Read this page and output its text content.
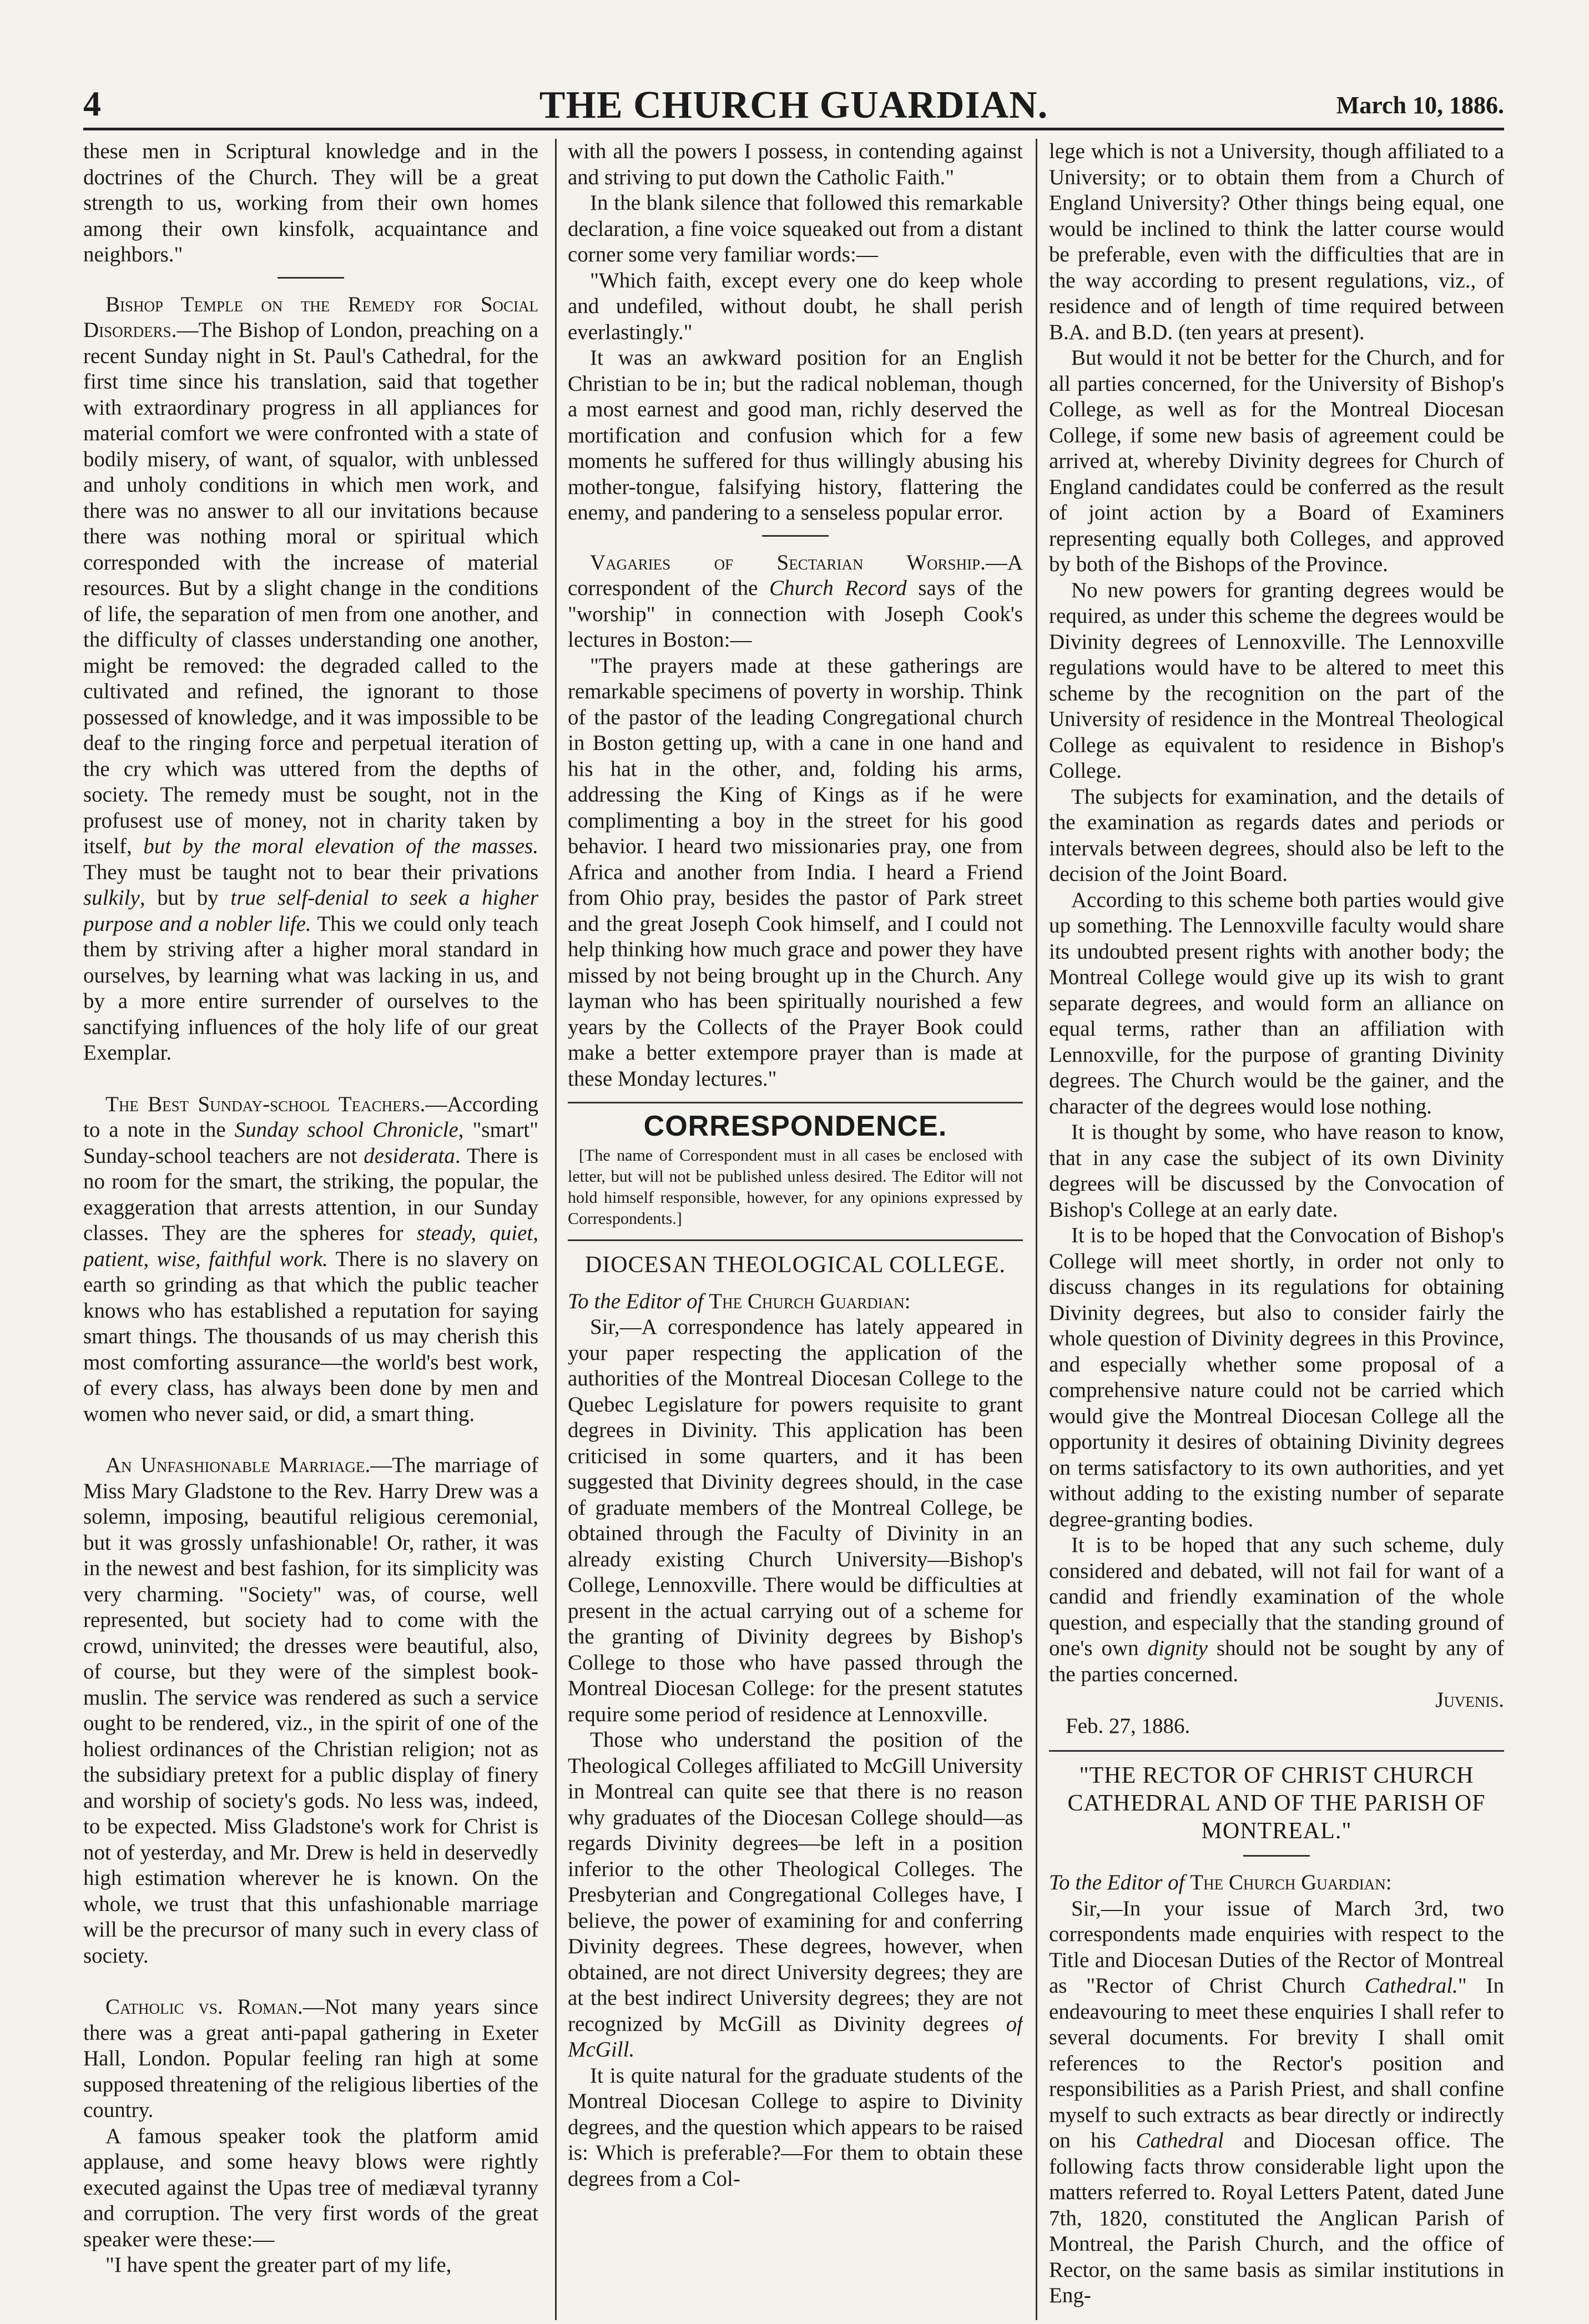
4	THE CHURCH GUARDIAN.	March 10, 1886.

these men in Scriptural knowledge and in the doctrines of the Church. They will be a great strength to us, working from their own homes among their own kinsfolk, acquaintance and neighbors."

Bishop Temple on the Remedy for Social Disorders.—The Bishop of London, preaching on a recent Sunday night in St. Paul's Cathedral, for the first time since his translation, said that together with extraordinary progress in all appliances for material comfort we were confronted with a state of bodily misery, of want, of squalor, with unblessed and unholy conditions in which men work, and there was no answer to all our invitations because there was nothing moral or spiritual which corresponded with the increase of material resources. But by a slight change in the conditions of life, the separation of men from one another, and the difficulty of classes understanding one another, might be removed: the degraded called to the cultivated and refined, the ignorant to those possessed of knowledge, and it was impossible to be deaf to the ringing force and perpetual iteration of the cry which was uttered from the depths of society. The remedy must be sought, not in the profusest use of money, not in charity taken by itself, but by the moral elevation of the masses. They must be taught not to bear their privations sulkily, but by true self-denial to seek a higher purpose and a nobler life. This we could only teach them by striving after a higher moral standard in ourselves, by learning what was lacking in us, and by a more entire surrender of ourselves to the sanctifying influences of the holy life of our great Exemplar.

The Best Sunday-school Teachers.—According to a note in the Sunday school Chronicle, "smart" Sunday-school teachers are not desiderata. There is no room for the smart, the striking, the popular, the exaggeration that arrests attention, in our Sunday classes. They are the spheres for steady, quiet, patient, wise, faithful work. There is no slavery on earth so grinding as that which the public teacher knows who has established a reputation for saying smart things. The thousands of us may cherish this most comforting assurance—the world's best work, of every class, has always been done by men and women who never said, or did, a smart thing.

An Unfashionable Marriage.—The marriage of Miss Mary Gladstone to the Rev. Harry Drew was a solemn, imposing, beautiful religious ceremonial, but it was grossly unfashionable! Or, rather, it was in the newest and best fashion, for its simplicity was very charming. "Society" was, of course, well represented, but society had to come with the crowd, uninvited; the dresses were beautiful, also, of course, but they were of the simplest book-muslin. The service was rendered as such a service ought to be rendered, viz., in the spirit of one of the holiest ordinances of the Christian religion; not as the subsidiary pretext for a public display of finery and worship of society's gods. No less was, indeed, to be expected. Miss Gladstone's work for Christ is not of yesterday, and Mr. Drew is held in deservedly high estimation wherever he is known. On the whole, we trust that this unfashionable marriage will be the precursor of many such in every class of society.

Catholic vs. Roman.—Not many years since there was a great anti-papal gathering in Exeter Hall, London. Popular feeling ran high at some supposed threatening of the religious liberties of the country.

A famous speaker took the platform amid applause, and some heavy blows were rightly executed against the Upas tree of mediæval tyranny and corruption. The very first words of the great speaker were these:—

"I have spent the greater part of my life,

with all the powers I possess, in contending against and striving to put down the Catholic Faith."

In the blank silence that followed this remarkable declaration, a fine voice squeaked out from a distant corner some very familiar words:—

"Which faith, except every one do keep whole and undefiled, without doubt, he shall perish everlastingly."

It was an awkward position for an English Christian to be in; but the radical nobleman, though a most earnest and good man, richly deserved the mortification and confusion which for a few moments he suffered for thus willingly abusing his mother-tongue, falsifying history, flattering the enemy, and pandering to a senseless popular error.

Vagaries of Sectarian Worship.—A correspondent of the Church Record says of the "worship" in connection with Joseph Cook's lectures in Boston:—

"The prayers made at these gatherings are remarkable specimens of poverty in worship. Think of the pastor of the leading Congregational church in Boston getting up, with a cane in one hand and his hat in the other, and, folding his arms, addressing the King of Kings as if he were complimenting a boy in the street for his good behavior. I heard two missionaries pray, one from Africa and another from India. I heard a Friend from Ohio pray, besides the pastor of Park street and the great Joseph Cook himself, and I could not help thinking how much grace and power they have missed by not being brought up in the Church. Any layman who has been spiritually nourished a few years by the Collects of the Prayer Book could make a better extempore prayer than is made at these Monday lectures."
CORRESPONDENCE.

[The name of Correspondent must in all cases be enclosed with letter, but will not be published unless desired. The Editor will not hold himself responsible, however, for any opinions expressed by Correspondents.]

DIOCESAN THEOLOGICAL COLLEGE.

To the Editor of The Church Guardian:

Sir,—A correspondence has lately appeared in your paper respecting the application of the authorities of the Montreal Diocesan College to the Quebec Legislature for powers requisite to grant degrees in Divinity. This application has been criticised in some quarters, and it has been suggested that Divinity degrees should, in the case of graduate members of the Montreal College, be obtained through the Faculty of Divinity in an already existing Church University—Bishop's College, Lennoxville. There would be difficulties at present in the actual carrying out of a scheme for the granting of Divinity degrees by Bishop's College to those who have passed through the Montreal Diocesan College: for the present statutes require some period of residence at Lennoxville.

Those who understand the position of the Theological Colleges affiliated to McGill University in Montreal can quite see that there is no reason why graduates of the Diocesan College should—as regards Divinity degrees—be left in a position inferior to the other Theological Colleges. The Presbyterian and Congregational Colleges have, I believe, the power of examining for and conferring Divinity degrees. These degrees, however, when obtained, are not direct University degrees; they are at the best indirect University degrees; they are not recognized by McGill as Divinity degrees of McGill.

It is quite natural for the graduate students of the Montreal Diocesan College to aspire to Divinity degrees, and the question which appears to be raised is: Which is preferable?—For them to obtain these degrees from a Col-

lege which is not a University, though affiliated to a University; or to obtain them from a Church of England University? Other things being equal, one would be inclined to think the latter course would be preferable, even with the difficulties that are in the way according to present regulations, viz., of residence and of length of time required between B.A. and B.D. (ten years at present).

But would it not be better for the Church, and for all parties concerned, for the University of Bishop's College, as well as for the Montreal Diocesan College, if some new basis of agreement could be arrived at, whereby Divinity degrees for Church of England candidates could be conferred as the result of joint action by a Board of Examiners representing equally both Colleges, and approved by both of the Bishops of the Province.

No new powers for granting degrees would be required, as under this scheme the degrees would be Divinity degrees of Lennoxville. The Lennoxville regulations would have to be altered to meet this scheme by the recognition on the part of the University of residence in the Montreal Theological College as equivalent to residence in Bishop's College.

The subjects for examination, and the details of the examination as regards dates and periods or intervals between degrees, should also be left to the decision of the Joint Board.

According to this scheme both parties would give up something. The Lennoxville faculty would share its undoubted present rights with another body; the Montreal College would give up its wish to grant separate degrees, and would form an alliance on equal terms, rather than an affiliation with Lennoxville, for the purpose of granting Divinity degrees. The Church would be the gainer, and the character of the degrees would lose nothing.

It is thought by some, who have reason to know, that in any case the subject of its own Divinity degrees will be discussed by the Convocation of Bishop's College at an early date.

It is to be hoped that the Convocation of Bishop's College will meet shortly, in order not only to discuss changes in its regulations for obtaining Divinity degrees, but also to consider fairly the whole question of Divinity degrees in this Province, and especially whether some proposal of a comprehensive nature could not be carried which would give the Montreal Diocesan College all the opportunity it desires of obtaining Divinity degrees on terms satisfactory to its own authorities, and yet without adding to the existing number of separate degree-granting bodies.

It is to be hoped that any such scheme, duly considered and debated, will not fail for want of a candid and friendly examination of the whole question, and especially that the standing ground of one's own dignity should not be sought by any of the parties concerned.

Juvenis.

Feb. 27, 1886.

"THE RECTOR OF CHRIST CHURCH CATHEDRAL AND OF THE PARISH OF MONTREAL."

To the Editor of The Church Guardian:

Sir,—In your issue of March 3rd, two correspondents made enquiries with respect to the Title and Diocesan Duties of the Rector of Montreal as "Rector of Christ Church Cathedral." In endeavouring to meet these enquiries I shall refer to several documents. For brevity I shall omit references to the Rector's position and responsibilities as a Parish Priest, and shall confine myself to such extracts as bear directly or indirectly on his Cathedral and Diocesan office. The following facts throw considerable light upon the matters referred to. Royal Letters Patent, dated June 7th, 1820, constituted the Anglican Parish of Montreal, the Parish Church, and the office of Rector, on the same basis as similar institutions in Eng-
